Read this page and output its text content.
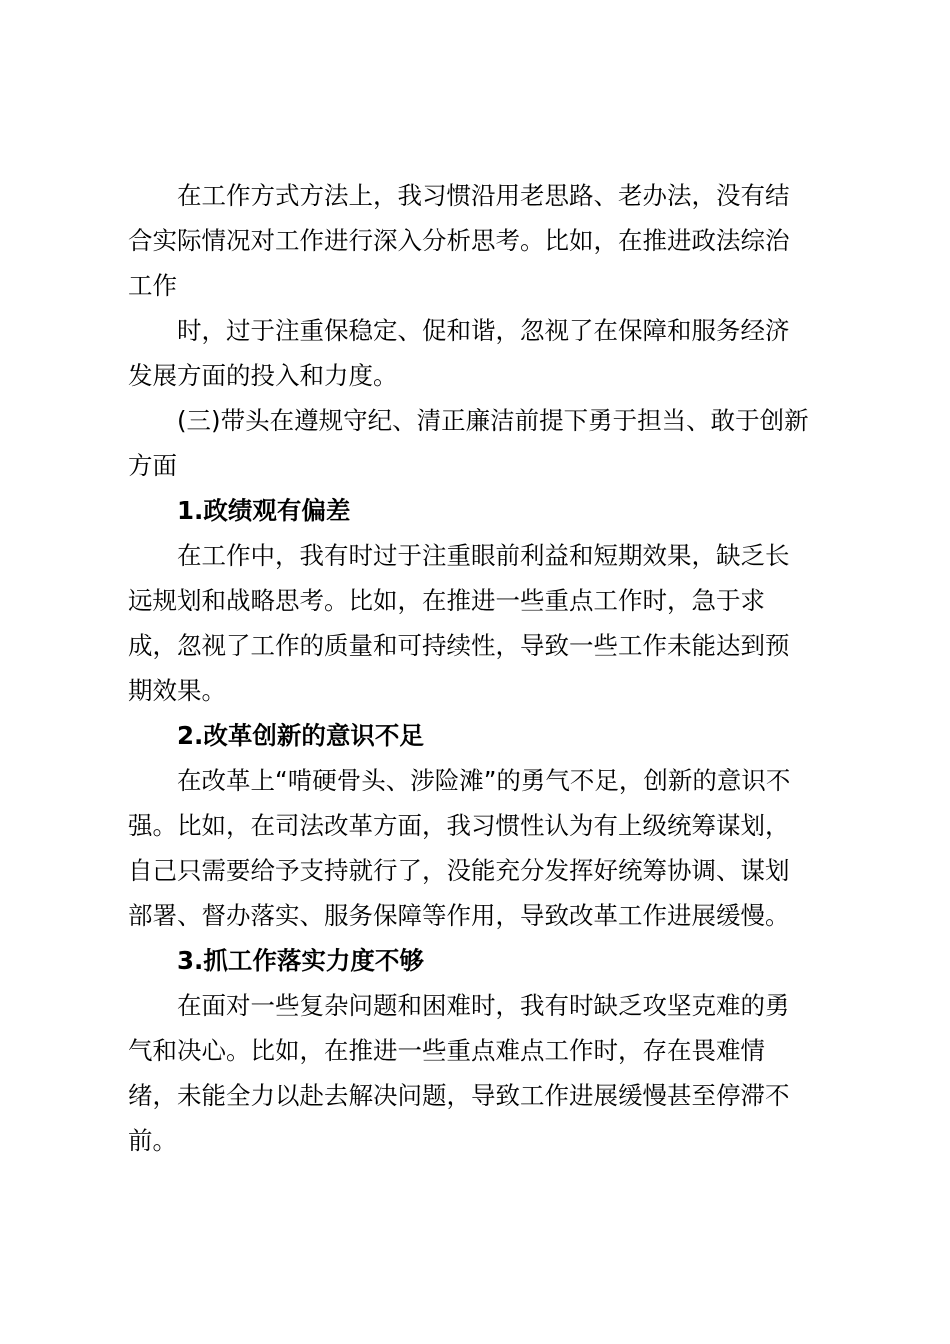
在工作方式方法上，我习惯沿用老思路、老办法，没有结
合实际情况对工作进行深入分析思考。比如，在推进政法综治
工作
时，过于注重保稳定、促和谐，忽视了在保障和服务经济
发展方面的投入和力度。
(三)带头在遵规守纪、清正廉洁前提下勇于担当、敢于创新
方面
1.政绩观有偏差
在工作中，我有时过于注重眼前利益和短期效果，缺乏长
远规划和战略思考。比如，在推进一些重点工作时，急于求
成，忽视了工作的质量和可持续性，导致一些工作未能达到预
期效果。
2.改革创新的意识不足
在改革上“啃硬骨头、涉险滩”的勇气不足，创新的意识不
强。比如，在司法改革方面，我习惯性认为有上级统筹谋划，
自己只需要给予支持就行了，没能充分发挥好统筹协调、谋划
部署、督办落实、服务保障等作用，导致改革工作进展缓慢。
3.抓工作落实力度不够
在面对一些复杂问题和困难时，我有时缺乏攻坚克难的勇
气和决心。比如，在推进一些重点难点工作时，存在畏难情
绪，未能全力以赴去解决问题，导致工作进展缓慢甚至停滞不
前。
